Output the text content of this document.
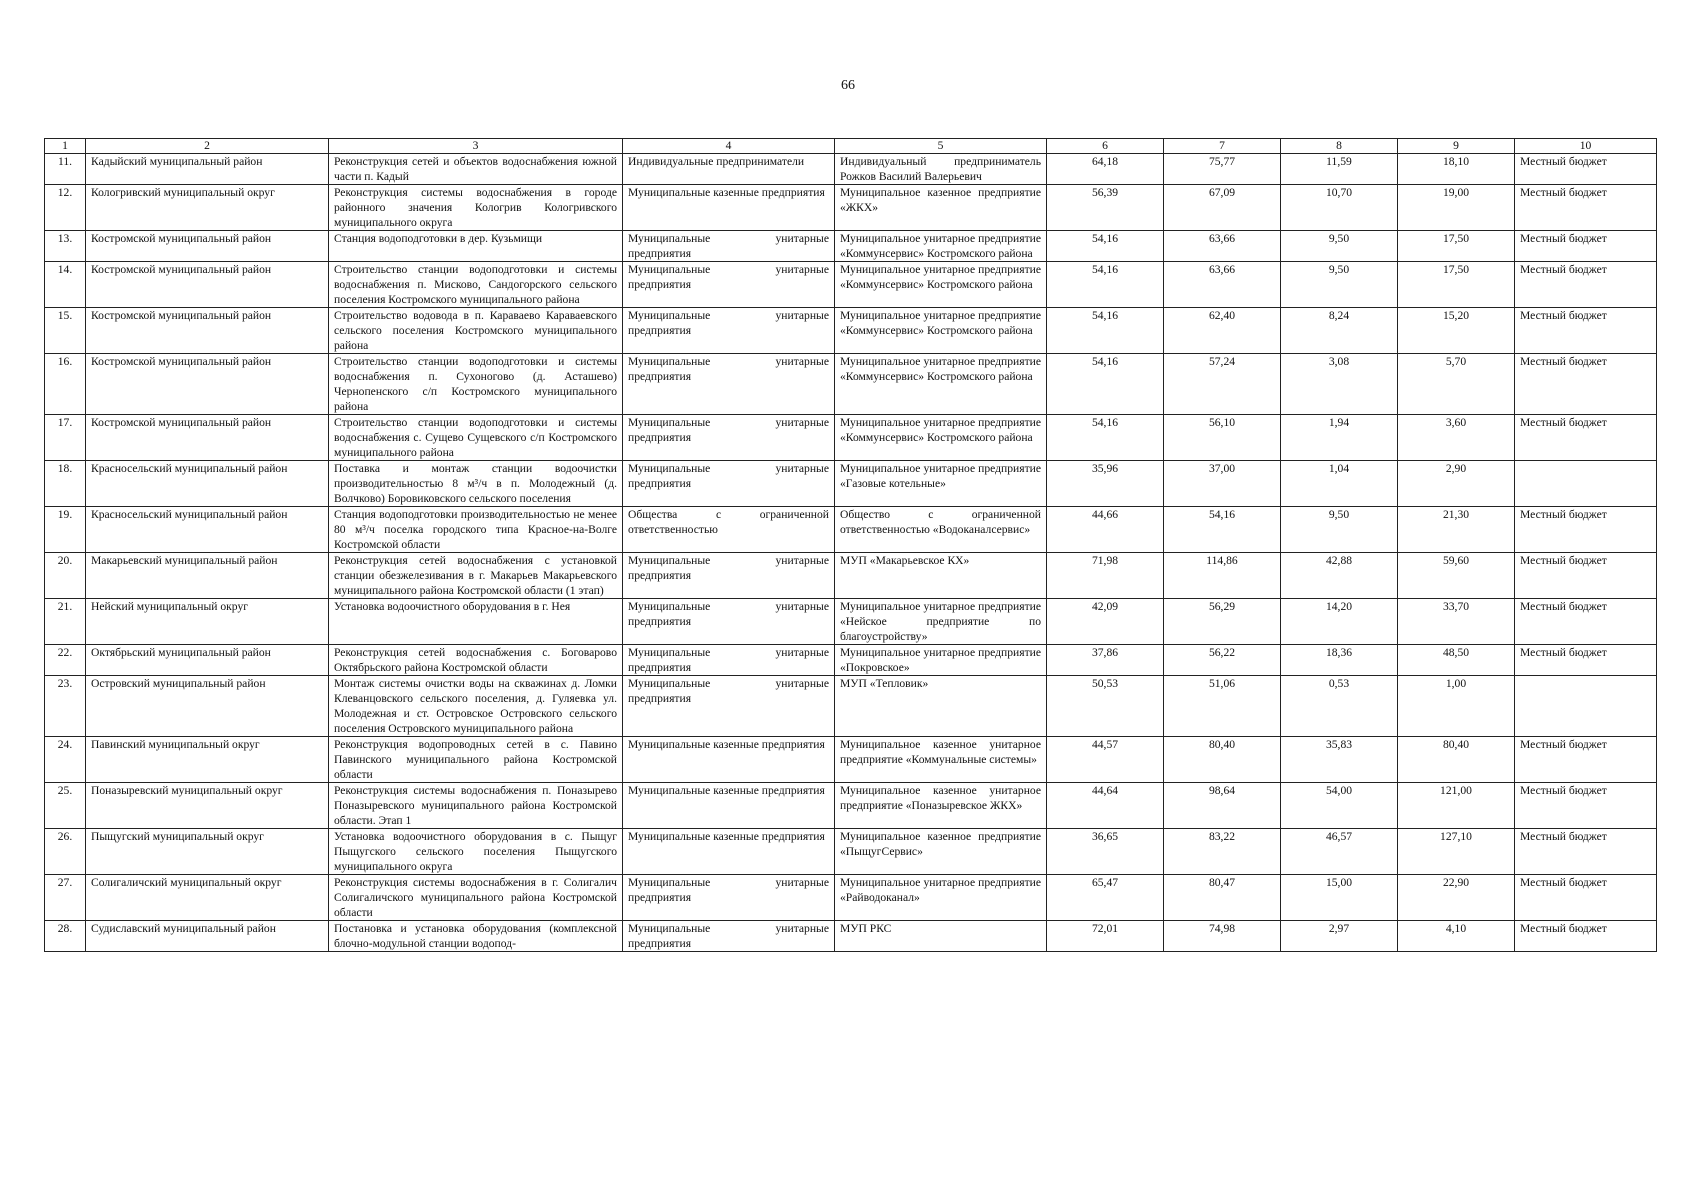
66
1	2	3	4	5	6	7	8	9	10
11.	Кадыйский муниципальный район	Реконструкция сетей и объектов водоснабжения южной части п. Кадый	Индивидуальные предприниматели	Индивидуальный предприниматель Рожков Василий Валерьевич	64,18	75,77	11,59	18,10	Местный бюджет
12.	Кологривский муниципальный округ	Реконструкция системы водоснабжения в городе районного значения Кологрив Кологривского муниципального округа	Муниципальные казенные предприятия	Муниципальное казенное предприятие «ЖКХ»	56,39	67,09	10,70	19,00	Местный бюджет
13.	Костромской муниципальный район	Станция водоподготовки в дер. Кузьмищи	Муниципальные унитарные предприятия	Муниципальное унитарное предприятие «Коммунсервис» Костромского района	54,16	63,66	9,50	17,50	Местный бюджет
14.	Костромской муниципальный район	Строительство станции водоподготовки и системы водоснабжения п. Мисково, Сандогорского сельского поселения Костромского муниципального района	Муниципальные унитарные предприятия	Муниципальное унитарное предприятие «Коммунсервис» Костромского района	54,16	63,66	9,50	17,50	Местный бюджет
15.	Костромской муниципальный район	Строительство водовода в п. Караваево Караваевского сельского поселения Костромского муниципального района	Муниципальные унитарные предприятия	Муниципальное унитарное предприятие «Коммунсервис» Костромского района	54,16	62,40	8,24	15,20	Местный бюджет
16.	Костромской муниципальный район	Строительство станции водоподготовки и системы водоснабжения п. Сухоногово (д. Асташево) Чернопенского с/п Костромского муниципального района	Муниципальные унитарные предприятия	Муниципальное унитарное предприятие «Коммунсервис» Костромского района	54,16	57,24	3,08	5,70	Местный бюджет
17.	Костромской муниципальный район	Строительство станции водоподготовки и системы водоснабжения с. Сущево Сущевского с/п Костромского муниципального района	Муниципальные унитарные предприятия	Муниципальное унитарное предприятие «Коммунсервис» Костромского района	54,16	56,10	1,94	3,60	Местный бюджет
18.	Красносельский муниципальный район	Поставка и монтаж станции водоочистки производительностью 8 м³/ч в п. Молодежный (д. Волчково) Боровиковского сельского поселения	Муниципальные унитарные предприятия	Муниципальное унитарное предприятие «Газовые котельные»	35,96	37,00	1,04	2,90	
19.	Красносельский муниципальный район	Станция водоподготовки производительностью не менее 80 м³/ч поселка городского типа Красное-на-Волге Костромской области	Общества с ограниченной ответственностью	Общество с ограниченной ответственностью «Водоканалсервис»	44,66	54,16	9,50	21,30	Местный бюджет
20.	Макарьевский муниципальный район	Реконструкция сетей водоснабжения с установкой станции обезжелезивания в г. Макарьев Макарьевского муниципального района Костромской области (1 этап)	Муниципальные унитарные предприятия	МУП «Макарьевское КХ»	71,98	114,86	42,88	59,60	Местный бюджет
21.	Нейский муниципальный округ	Установка водоочистного оборудования в г. Нея	Муниципальные унитарные предприятия	Муниципальное унитарное предприятие «Нейское предприятие по благоустройству»	42,09	56,29	14,20	33,70	Местный бюджет
22.	Октябрьский муниципальный район	Реконструкция сетей водоснабжения с. Боговарово Октябрьского района Костромской области	Муниципальные унитарные предприятия	Муниципальное унитарное предприятие «Покровское»	37,86	56,22	18,36	48,50	Местный бюджет
23.	Островский муниципальный район	Монтаж системы очистки воды на скважинах д. Ломки Клеванцовского сельского поселения, д. Гуляевка ул. Молодежная и ст. Островское Островского сельского поселения Островского муниципального района	Муниципальные унитарные предприятия	МУП «Тепловик»	50,53	51,06	0,53	1,00	
24.	Павинский муниципальный округ	Реконструкция водопроводных сетей в с. Павино Павинского муниципального района Костромской области	Муниципальные казенные предприятия	Муниципальное казенное унитарное предприятие «Коммунальные системы»	44,57	80,40	35,83	80,40	Местный бюджет
25.	Поназыревский муниципальный округ	Реконструкция системы водоснабжения п. Поназырево Поназыревского муниципального района Костромской области. Этап 1	Муниципальные казенные предприятия	Муниципальное казенное унитарное предприятие «Поназыревское ЖКХ»	44,64	98,64	54,00	121,00	Местный бюджет
26.	Пыщугский муниципальный округ	Установка водоочистного оборудования в с. Пыщуг Пыщугского сельского поселения Пыщугского муниципального округа	Муниципальные казенные предприятия	Муниципальное казенное предприятие «ПыщугСервис»	36,65	83,22	46,57	127,10	Местный бюджет
27.	Солигаличский муниципальный округ	Реконструкция системы водоснабжения в г. Солигалич Солигаличского муниципального района Костромской области	Муниципальные унитарные предприятия	Муниципальное унитарное предприятие «Райводоканал»	65,47	80,47	15,00	22,90	Местный бюджет
28.	Судиславский муниципальный район	Постановка и установка оборудования (комплексной блочно-модульной станции водопод-	Муниципальные унитарные предприятия	МУП РКС	72,01	74,98	2,97	4,10	Местный бюджет
